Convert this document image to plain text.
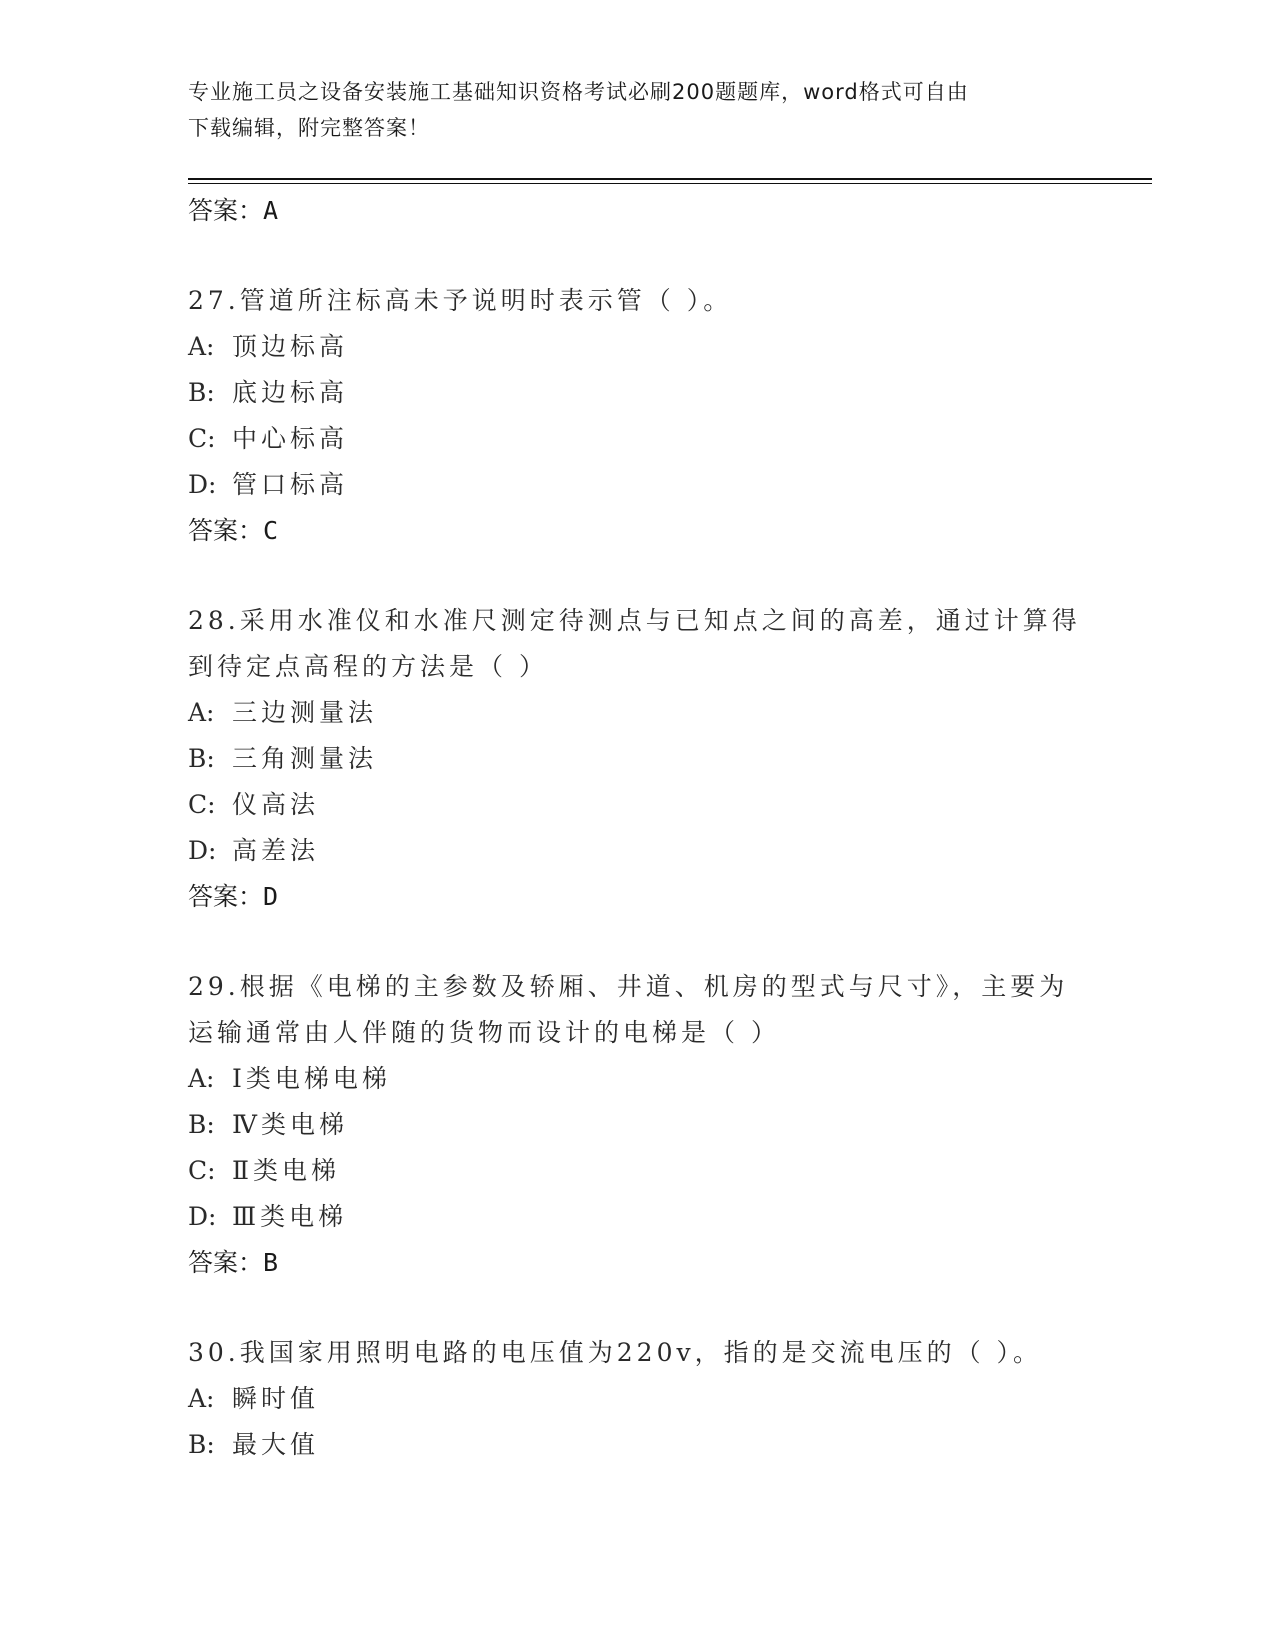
专业施工员之设备安装施工基础知识资格考试必刷200题题库，word格式可自由
下载编辑，附完整答案！
答案：A
27.管道所注标高未予说明时表示管（ ）。
A: 顶边标高
B: 底边标高
C: 中心标高
D: 管口标高
答案：C
28.采用水准仪和水准尺测定待测点与已知点之间的高差，通过计算得
到待定点高程的方法是（ ）
A: 三边测量法
B: 三角测量法
C: 仪高法
D: 高差法
答案：D
29.根据《电梯的主参数及轿厢、井道、机房的型式与尺寸》，主要为
运输通常由人伴随的货物而设计的电梯是（ ）
A: Ⅰ类电梯电梯
B: Ⅳ类电梯
C: Ⅱ类电梯
D: Ⅲ类电梯
答案：B
30.我国家用照明电路的电压值为220v，指的是交流电压的（ ）。
A: 瞬时值
B: 最大值
